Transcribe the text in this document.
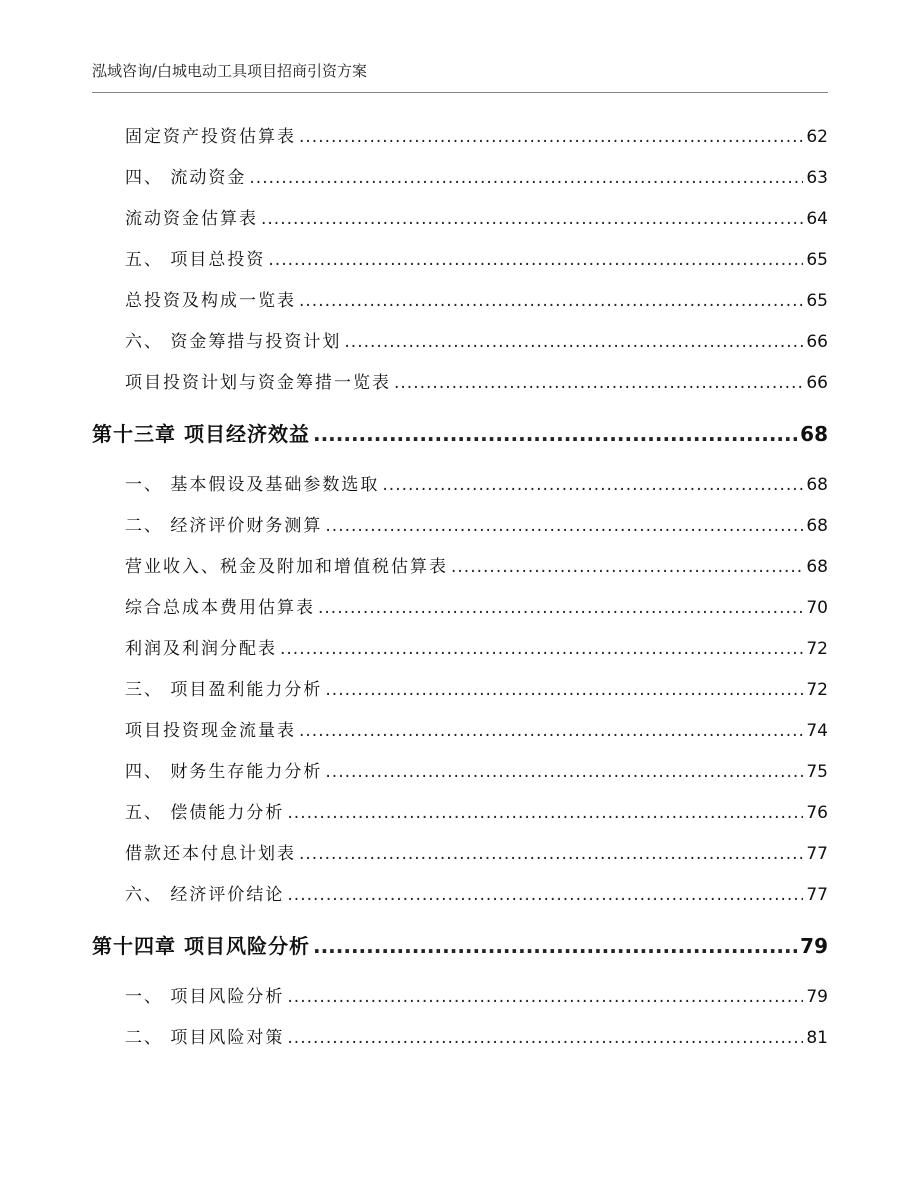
泓域咨询/白城电动工具项目招商引资方案
固定资产投资估算表 .....	62
四、 流动资金 .....	63
流动资金估算表 .....	64
五、 项目总投资 .....	65
总投资及构成一览表 .....	65
六、 资金筹措与投资计划 .....	66
项目投资计划与资金筹措一览表 .....	66
第十三章 项目经济效益 .....	68
一、 基本假设及基础参数选取 .....	68
二、 经济评价财务测算 .....	68
营业收入、税金及附加和增值税估算表 .....	68
综合总成本费用估算表 .....	70
利润及利润分配表 .....	72
三、 项目盈利能力分析 .....	72
项目投资现金流量表 .....	74
四、 财务生存能力分析 .....	75
五、 偿债能力分析 .....	76
借款还本付息计划表 .....	77
六、 经济评价结论 .....	77
第十四章 项目风险分析 .....	79
一、 项目风险分析 .....	79
二、 项目风险对策 .....	81
